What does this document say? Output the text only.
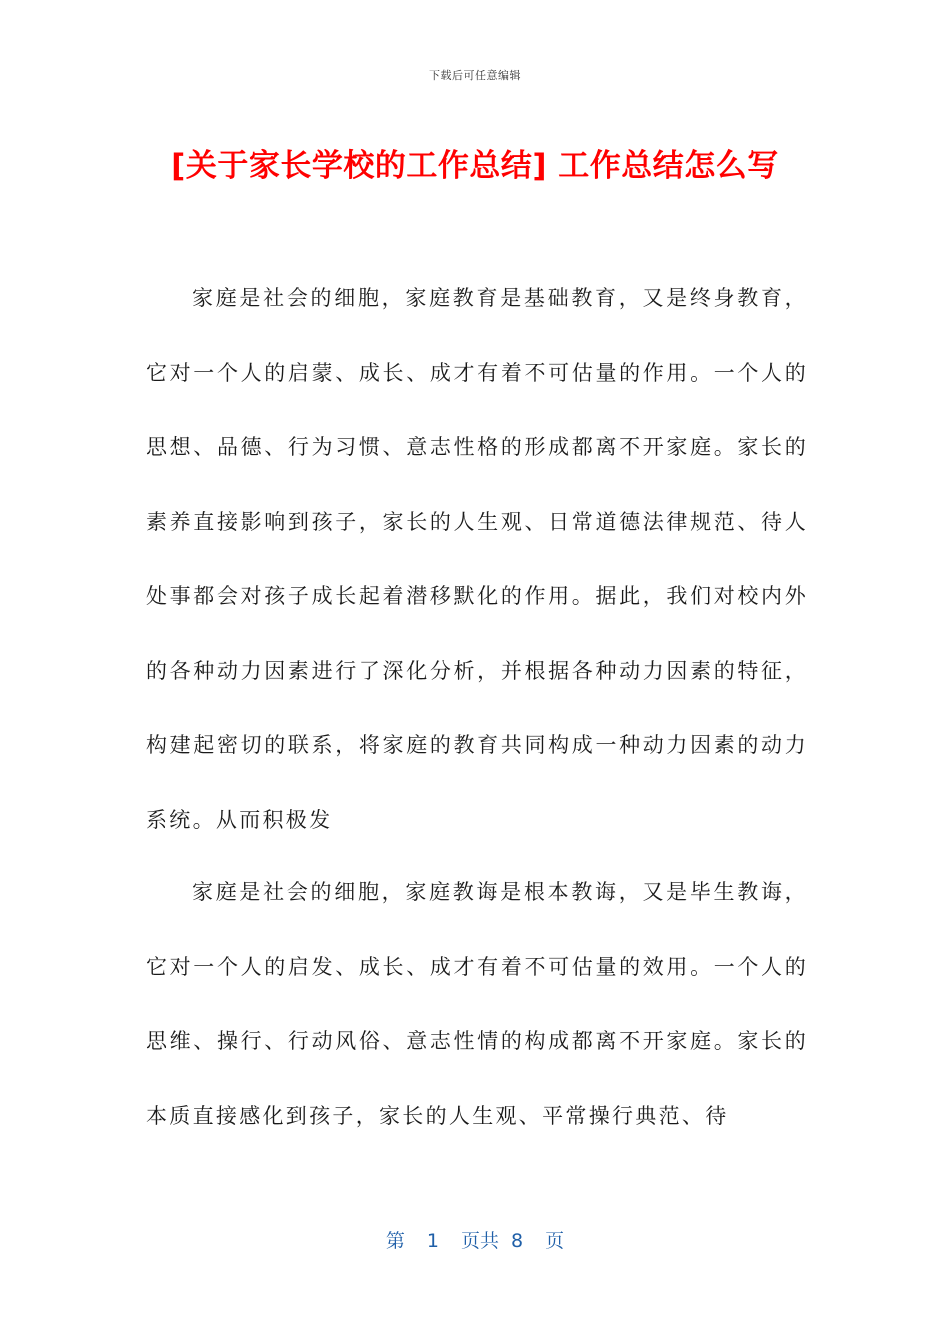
下载后可任意编辑
[关于家长学校的工作总结] 工作总结怎么写

家庭是社会的细胞，家庭教育是基础教育，又是终身教育，它对一个人的启蒙、成长、成才有着不可估量的作用。一个人的思想、品德、行为习惯、意志性格的形成都离不开家庭。家长的素养直接影响到孩子，家长的人生观、日常道德法律规范、待人处事都会对孩子成长起着潜移默化的作用。据此，我们对校内外的各种动力因素进行了深化分析，并根据各种动力因素的特征，构建起密切的联系，将家庭的教育共同构成一种动力因素的动力系统。从而积极发

家庭是社会的细胞，家庭教诲是根本教诲，又是毕生教诲，它对一个人的启发、成长、成才有着不可估量的效用。一个人的思维、操行、行动风俗、意志性情的构成都离不开家庭。家长的本质直接感化到孩子，家长的人生观、平常操行典范、待

第 1 页共 8 页
